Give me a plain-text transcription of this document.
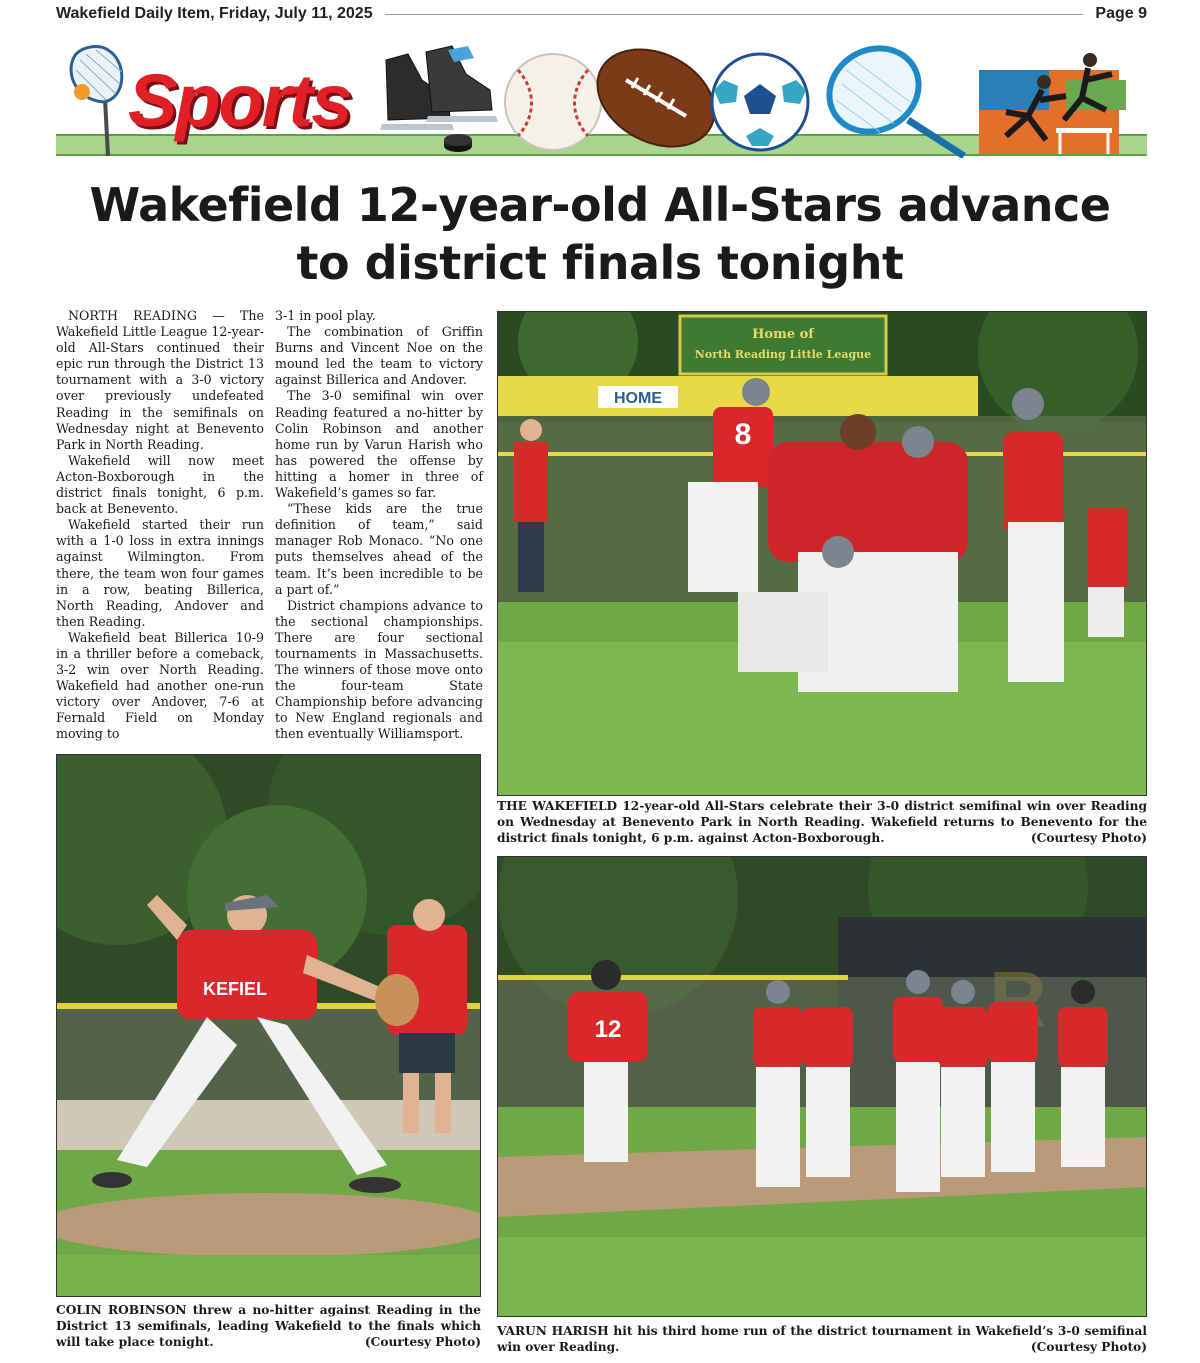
Wakefield Daily Item, Friday, July 11, 2025	Page 9
Sports
Wakefield 12-year-old All-Stars advance
to district finals tonight

NORTH READING — The Wakefield Little League 12-year-old All-Stars continued their epic run through the District 13 tournament with a 3-0 victory over previously undefeated Reading in the semifinals on Wednesday night at Benevento Park in North Reading.

Wakefield will now meet Acton-Boxborough in the district finals tonight, 6 p.m. back at Benevento.

Wakefield started their run with a 1-0 loss in extra innings against Wilmington. From there, the team won four games in a row, beating Billerica, North Reading, Andover and then Reading.

Wakefield beat Billerica 10-9 in a thriller before a comeback, 3-2 win over North Reading. Wakefield had another one-run victory over Andover, 7-6 at Fernald Field on Monday moving to

3-1 in pool play.

The combination of Griffin Burns and Vincent Noe on the mound led the team to victory against Billerica and Andover.

The 3-0 semifinal win over Reading featured a no-hitter by Colin Robinson and another home run by Varun Harish who has powered the offense by hitting a homer in three of Wakefield’s games so far.

“These kids are the true definition of team,” said manager Rob Monaco. “No one puts themselves ahead of the team. It’s been incredible to be a part of.”

District champions advance to the sectional championships. There are four sectional tournaments in Massachusetts. The winners of those move onto the four-team State Championship before advancing to New England regionals and then eventually Williamsport.

Home of
North Reading Little League
HOME
8
THE WAKEFIELD 12-year-old All-Stars celebrate their 3-0 district semifinal win over Reading on Wednesday at Benevento Park in North Reading. Wakefield returns to Benevento for the district finals tonight, 6 p.m. against Acton-Boxborough.	(Courtesy Photo)
KEFIEL
COLIN ROBINSON threw a no-hitter against Reading in the District 13 semifinals, leading Wakefield to the finals which will take place tonight.	(Courtesy Photo)
12
VARUN HARISH hit his third home run of the district tournament in Wakefield’s 3-0 semifinal win over Reading.	(Courtesy Photo)
